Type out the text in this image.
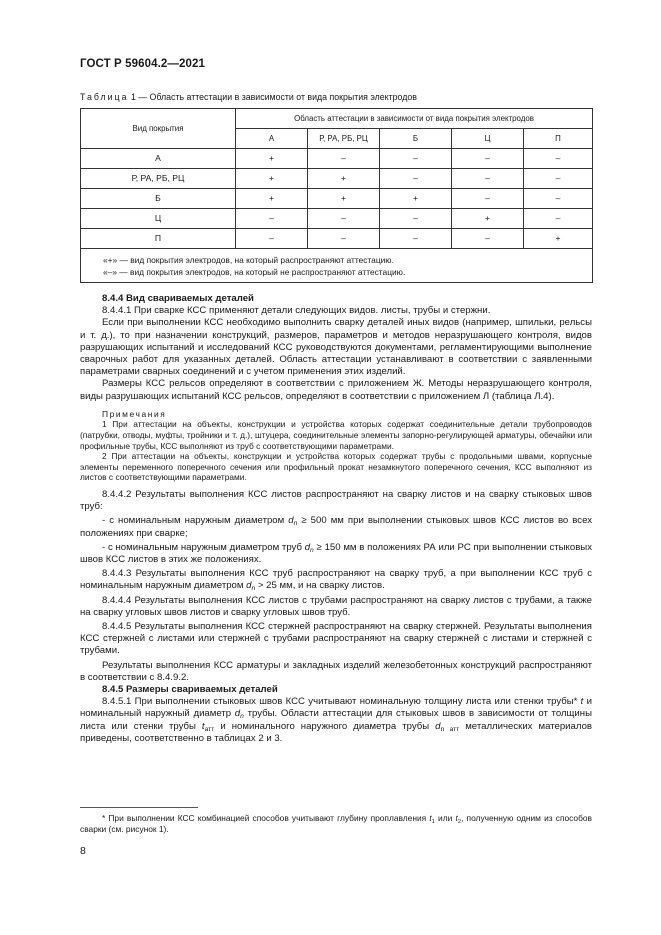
ГОСТ Р 59604.2—2021
Таблица 1 — Область аттестации в зависимости от вида покрытия электродов
Вид покрытия	Область аттестации в зависимости от вида покрытия электродов				
	А	Р, РА, РБ, РЦ	Б	Ц	П
А	+	–	–	–	–
Р, РА, РБ, РЦ	+	+	–	–	–
Б	+	+	+	–	–
Ц	–	–	–	+	–
П	–	–	–	–	+

«+» — вид покрытия электродов, на который распространяют аттестацию.
«–» — вид покрытия электродов, на который не распространяют аттестацию.					

8.4.4 Вид свариваемых деталей

8.4.4.1 При сварке КСС применяют детали следующих видов. листы, трубы и стержни.

Если при выполнении КСС необходимо выполнить сварку деталей иных видов (например, шпильки, рельсы и т. д.), то при назначении конструкций, размеров, параметров и методов неразрушающего контроля, видов разрушающих испытаний и исследований КСС руководствуются документами, регламентирующими выполнение сварочных работ для указанных деталей. Область аттестации устанавливают в соответствии с заявленными параметрами сварных соединений и с учетом применения этих изделий.

Размеры КСС рельсов определяют в соответствии с приложением Ж. Методы неразрушающего контроля, виды разрушающих испытаний КСС рельсов, определяют в соответствии с приложением Л (таблица Л.4).

Примечания

1 При аттестации на объекты, конструкции и устройства которых содержат соединительные детали трубопроводов (патрубки, отводы, муфты, тройники и т. д.), штуцера, соединительные элементы запорно-регулирующей арматуры, обечайки или профильные трубы, КСС выполняют из труб с соответствующими параметрами.

2 При аттестации на объекты, конструкции и устройства которых содержат трубы с продольными швами, корпусные элементы переменного поперечного сечения или профильный прокат незамкнутого поперечного сечения, КСС выполняют из листов с соответствующими параметрами.

8.4.4.2 Результаты выполнения КСС листов распространяют на сварку листов и на сварку стыковых швов труб:

- с номинальным наружным диаметром $d_n \ge 500$ мм при выполнении стыковых швов КСС листов во всех положениях при сварке;

- с номинальным наружным диаметром труб $d_n \ge 150$ мм в положениях РА или РС при выполнении стыковых швов КСС листов в этих же положениях.

8.4.4.3 Результаты выполнения КСС труб распространяют на сварку труб, а при выполнении КСС труб с номинальным наружным диаметром $d_n > 25$ мм, и на сварку листов.

8.4.4.4 Результаты выполнения КСС листов с трубами распространяют на сварку листов с трубами, а также на сварку угловых швов листов и сварку угловых швов труб.

8.4.4.5 Результаты выполнения КСС стержней распространяют на сварку стержней. Результаты выполнения КСС стержней с листами или стержней с трубами распространяют на сварку стержней с листами и стержней с трубами.

Результаты выполнения КСС арматуры и закладных изделий железобетонных конструкций распространяют в соответствии с 8.4.9.2.

8.4.5 Размеры свариваемых деталей

8.4.5.1 При выполнении стыковых швов КСС учитывают номинальную толщину листа или стенки трубы* t и номинальный наружный диаметр $d_n$ трубы. Области аттестации для стыковых швов в зависимости от толщины листа или стенки трубы $t_{атт}$ и номинального наружного диаметра трубы $d_{n атт}$ металлических материалов приведены, соответственно в таблицах 2 и 3.

* При выполнении КСС комбинацией способов учитывают глубину проплавления $t_1$ или $t_2$, полученную одним из способов сварки (см. рисунок 1).
8
